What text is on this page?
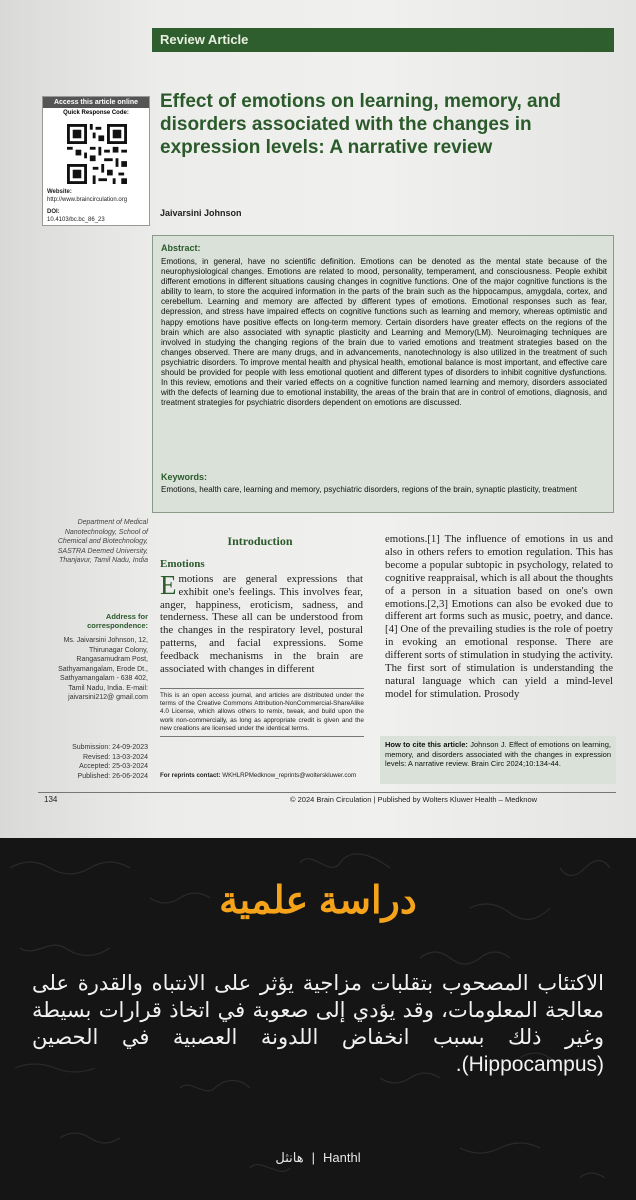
Review Article
Access this article online
Quick Response Code:
Website:
http://www.braincirculation.org
DOI:
10.4103/bc.bc_86_23
Effect of emotions on learning, memory, and disorders associated with the changes in expression levels: A narrative review
Jaivarsini Johnson
Abstract:
Emotions, in general, have no scientific definition. Emotions can be denoted as the mental state because of the neurophysiological changes. Emotions are related to mood, personality, temperament, and consciousness. People exhibit different emotions in different situations causing changes in cognitive functions. One of the major cognitive functions is the ability to learn, to store the acquired information in the parts of the brain such as the hippocampus, amygdala, cortex, and cerebellum. Learning and memory are affected by different types of emotions. Emotional responses such as fear, depression, and stress have impaired effects on cognitive functions such as learning and memory, whereas optimistic and happy emotions have positive effects on long-term memory. Certain disorders have greater effects on the regions of the brain which are also associated with synaptic plasticity and Learning and Memory(LM). Neuroimaging techniques are involved in studying the changing regions of the brain due to varied emotions and treatment strategies based on the changes observed. There are many drugs, and in advancements, nanotechnology is also utilized in the treatment of such psychiatric disorders. To improve mental health and physical health, emotional balance is most important, and effective care should be provided for people with less emotional quotient and different types of disorders to inhibit cognitive dysfunctions. In this review, emotions and their varied effects on a cognitive function named learning and memory, disorders associated with the defects of learning due to emotional instability, the areas of the brain that are in control of emotions, diagnosis, and treatment strategies for psychiatric disorders dependent on emotions are discussed.
Keywords:
Emotions, health care, learning and memory, psychiatric disorders, regions of the brain, synaptic plasticity, treatment
Department of Medical Nanotechnology, School of Chemical and Biotechnology, SASTRA Deemed University, Thanjavur, Tamil Nadu, India
Address for correspondence:
Ms. Jaivarsini Johnson, 12, Thirunagar Colony, Rangasamudram Post, Sathyamangalam, Erode Dt., Sathyamangalam - 638 402, Tamil Nadu, India. E-mail: jaivarsini212@ gmail.com
Submission: 24-09-2023
Revised: 13-03-2024
Accepted: 25-03-2024
Published: 26-06-2024
Introduction
Emotions
Emotions are general expressions that exhibit one's feelings. This involves fear, anger, happiness, eroticism, sadness, and tenderness. These all can be understood from the changes in the respiratory level, postural patterns, and facial expressions. Some feedback mechanisms in the brain are associated with changes in different
emotions.[1] The influence of emotions in us and also in others refers to emotion regulation. This has become a popular subtopic in psychology, related to cognitive reappraisal, which is all about the thoughts of a person in a situation based on one's own emotions.[2,3] Emotions can also be evoked due to different art forms such as music, poetry, and dance.[4] One of the prevailing studies is the role of poetry in evoking an emotional response. There are different sorts of stimulation in studying the activity. The first sort of stimulation is understanding the natural language which can yield a mind-level model for stimulation. Prosody
This is an open access journal, and articles are distributed under the terms of the Creative Commons Attribution-NonCommercial-ShareAlike 4.0 License, which allows others to remix, tweak, and build upon the work non-commercially, as long as appropriate credit is given and the new creations are licensed under the identical terms.
For reprints contact: WKHLRPMedknow_reprints@wolterskluwer.com
How to cite this article: Johnson J. Effect of emotions on learning, memory, and disorders associated with the changes in expression levels: A narrative review. Brain Circ 2024;10:134-44.
134	© 2024 Brain Circulation | Published by Wolters Kluwer Health – Medknow
دراسة علمية
الاكتئاب المصحوب بتقلبات مزاجية يؤثر على الانتباه والقدرة على معالجة المعلومات، وقد يؤدي إلى صعوبة في اتخاذ قرارات بسيطة وغير ذلك بسبب انخفاض اللدونة العصبية في الحصين (Hippocampus).
هانثل | Hanthl
